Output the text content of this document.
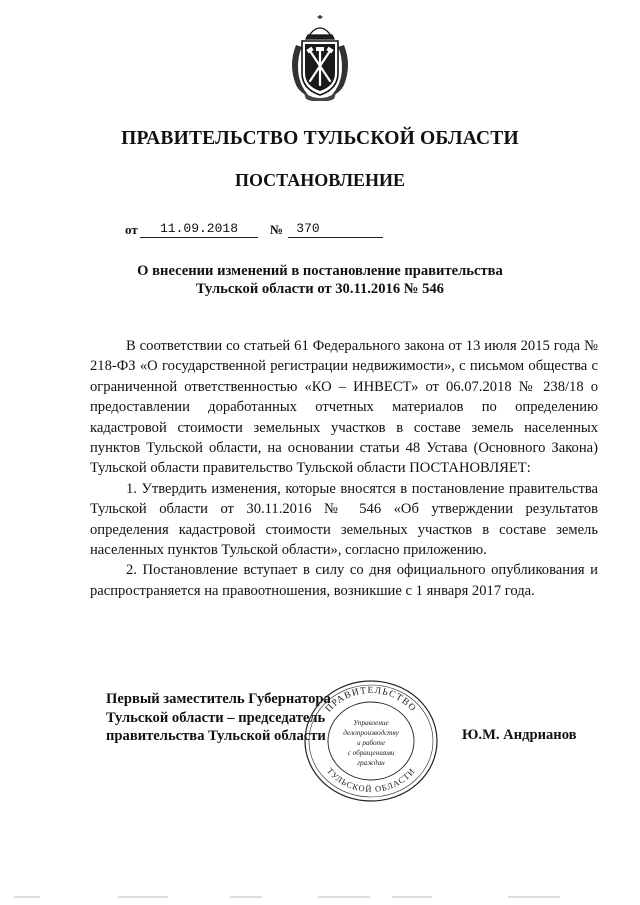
ПРАВИТЕЛЬСТВО ТУЛЬСКОЙ ОБЛАСТИ
ПОСТАНОВЛЕНИЕ
от	11.09.2018	№	370
О внесении изменений в постановление правительства
Тульской области от 30.11.2016 № 546

В соответствии со статьей 61 Федерального закона от 13 июля 2015 года № 218-ФЗ «О государственной регистрации недвижимости», с письмом общества с ограниченной ответственностью «КО – ИНВЕСТ» от 06.07.2018 № 238/18 о предоставлении доработанных отчетных материалов по определению кадастровой стоимости земельных участков в составе земель населенных пунктов Тульской области, на основании статьи 48 Устава (Основного Закона) Тульской области правительство Тульской области ПОСТАНОВЛЯЕТ:

1. Утвердить изменения, которые вносятся в постановление правительства Тульской области от 30.11.2016 № 546 «Об утверждении результатов определения кадастровой стоимости земельных участков в составе земель населенных пунктов Тульской области», согласно приложению.

2. Постановление вступает в силу со дня официального опубликования и распространяется на правоотношения, возникшие с 1 января 2017 года.

Первый заместитель Губернатора
Тульской области – председатель
правительства Тульской области	Ю.М. Андрианов
ПРАВИТЕЛЬСТВО
ТУЛЬСКОЙ ОБЛАСТИ
Управление
делопроизводству
и работе
с обращениями
граждан
